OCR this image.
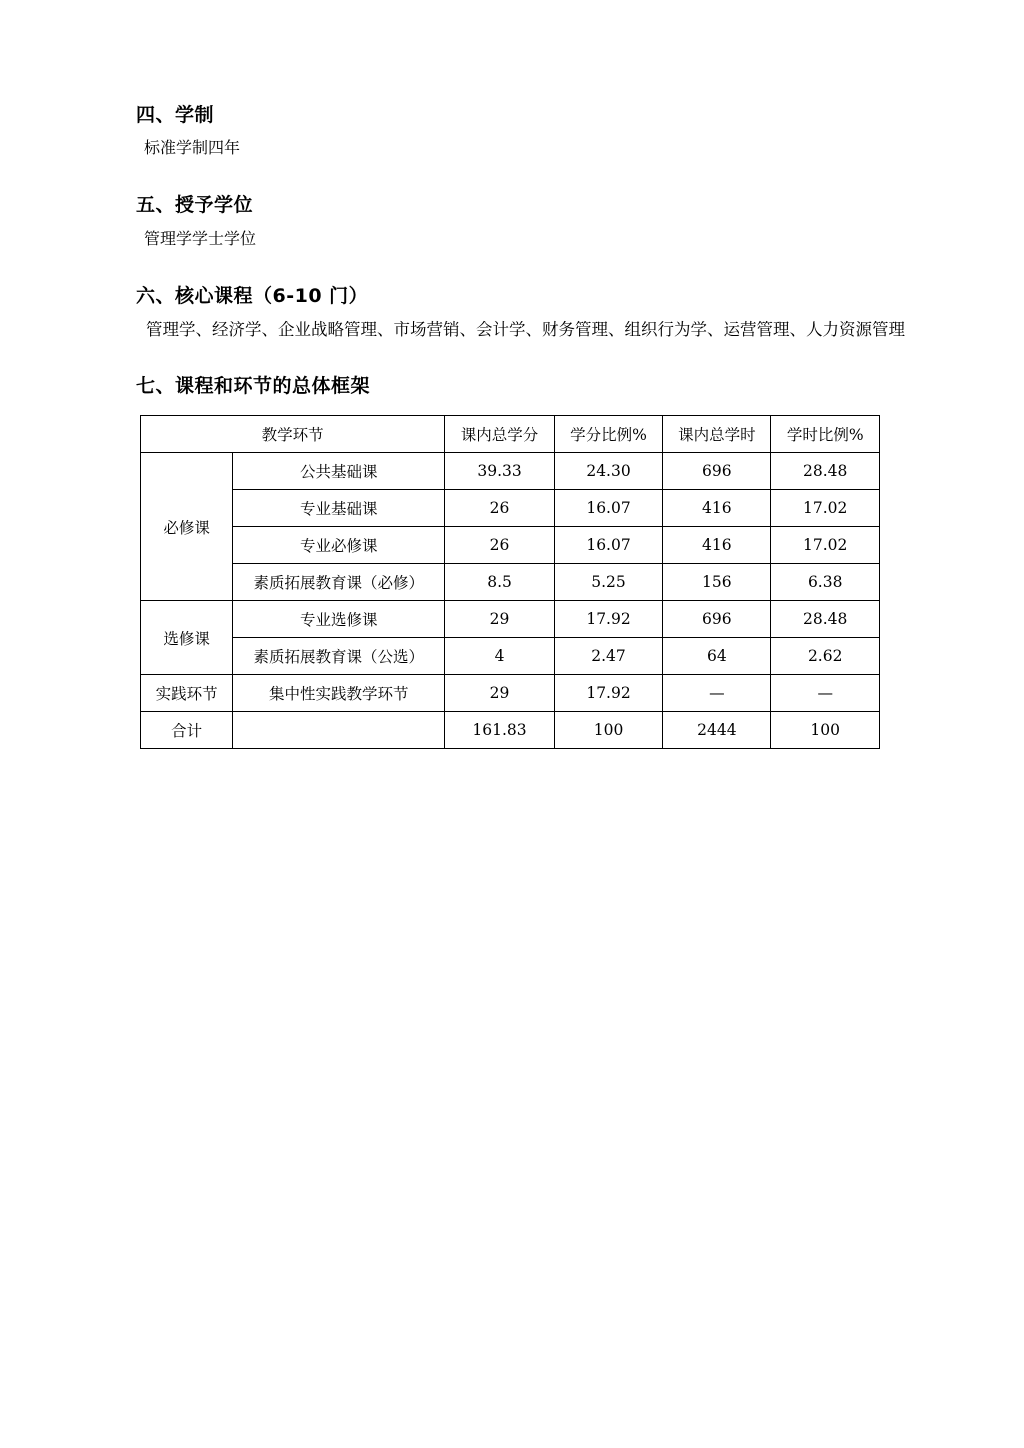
四、学制

标准学制四年

五、授予学位

管理学学士学位

六、核心课程（6-10 门）

管理学、经济学、企业战略管理、市场营销、会计学、财务管理、组织行为学、运营管理、人力资源管理

七、课程和环节的总体框架
教学环节		课内总学分	学分比例%	课内总学时	学时比例%
必修课	公共基础课	39.33	24.30	696	28.48
	专业基础课	26	16.07	416	17.02
	专业必修课	26	16.07	416	17.02
	素质拓展教育课（必修）	8.5	5.25	156	6.38
选修课	专业选修课	29	17.92	696	28.48
	素质拓展教育课（公选）	4	2.47	64	2.62
实践环节	集中性实践教学环节	29	17.92	—	—
合计		161.83	100	2444	100
